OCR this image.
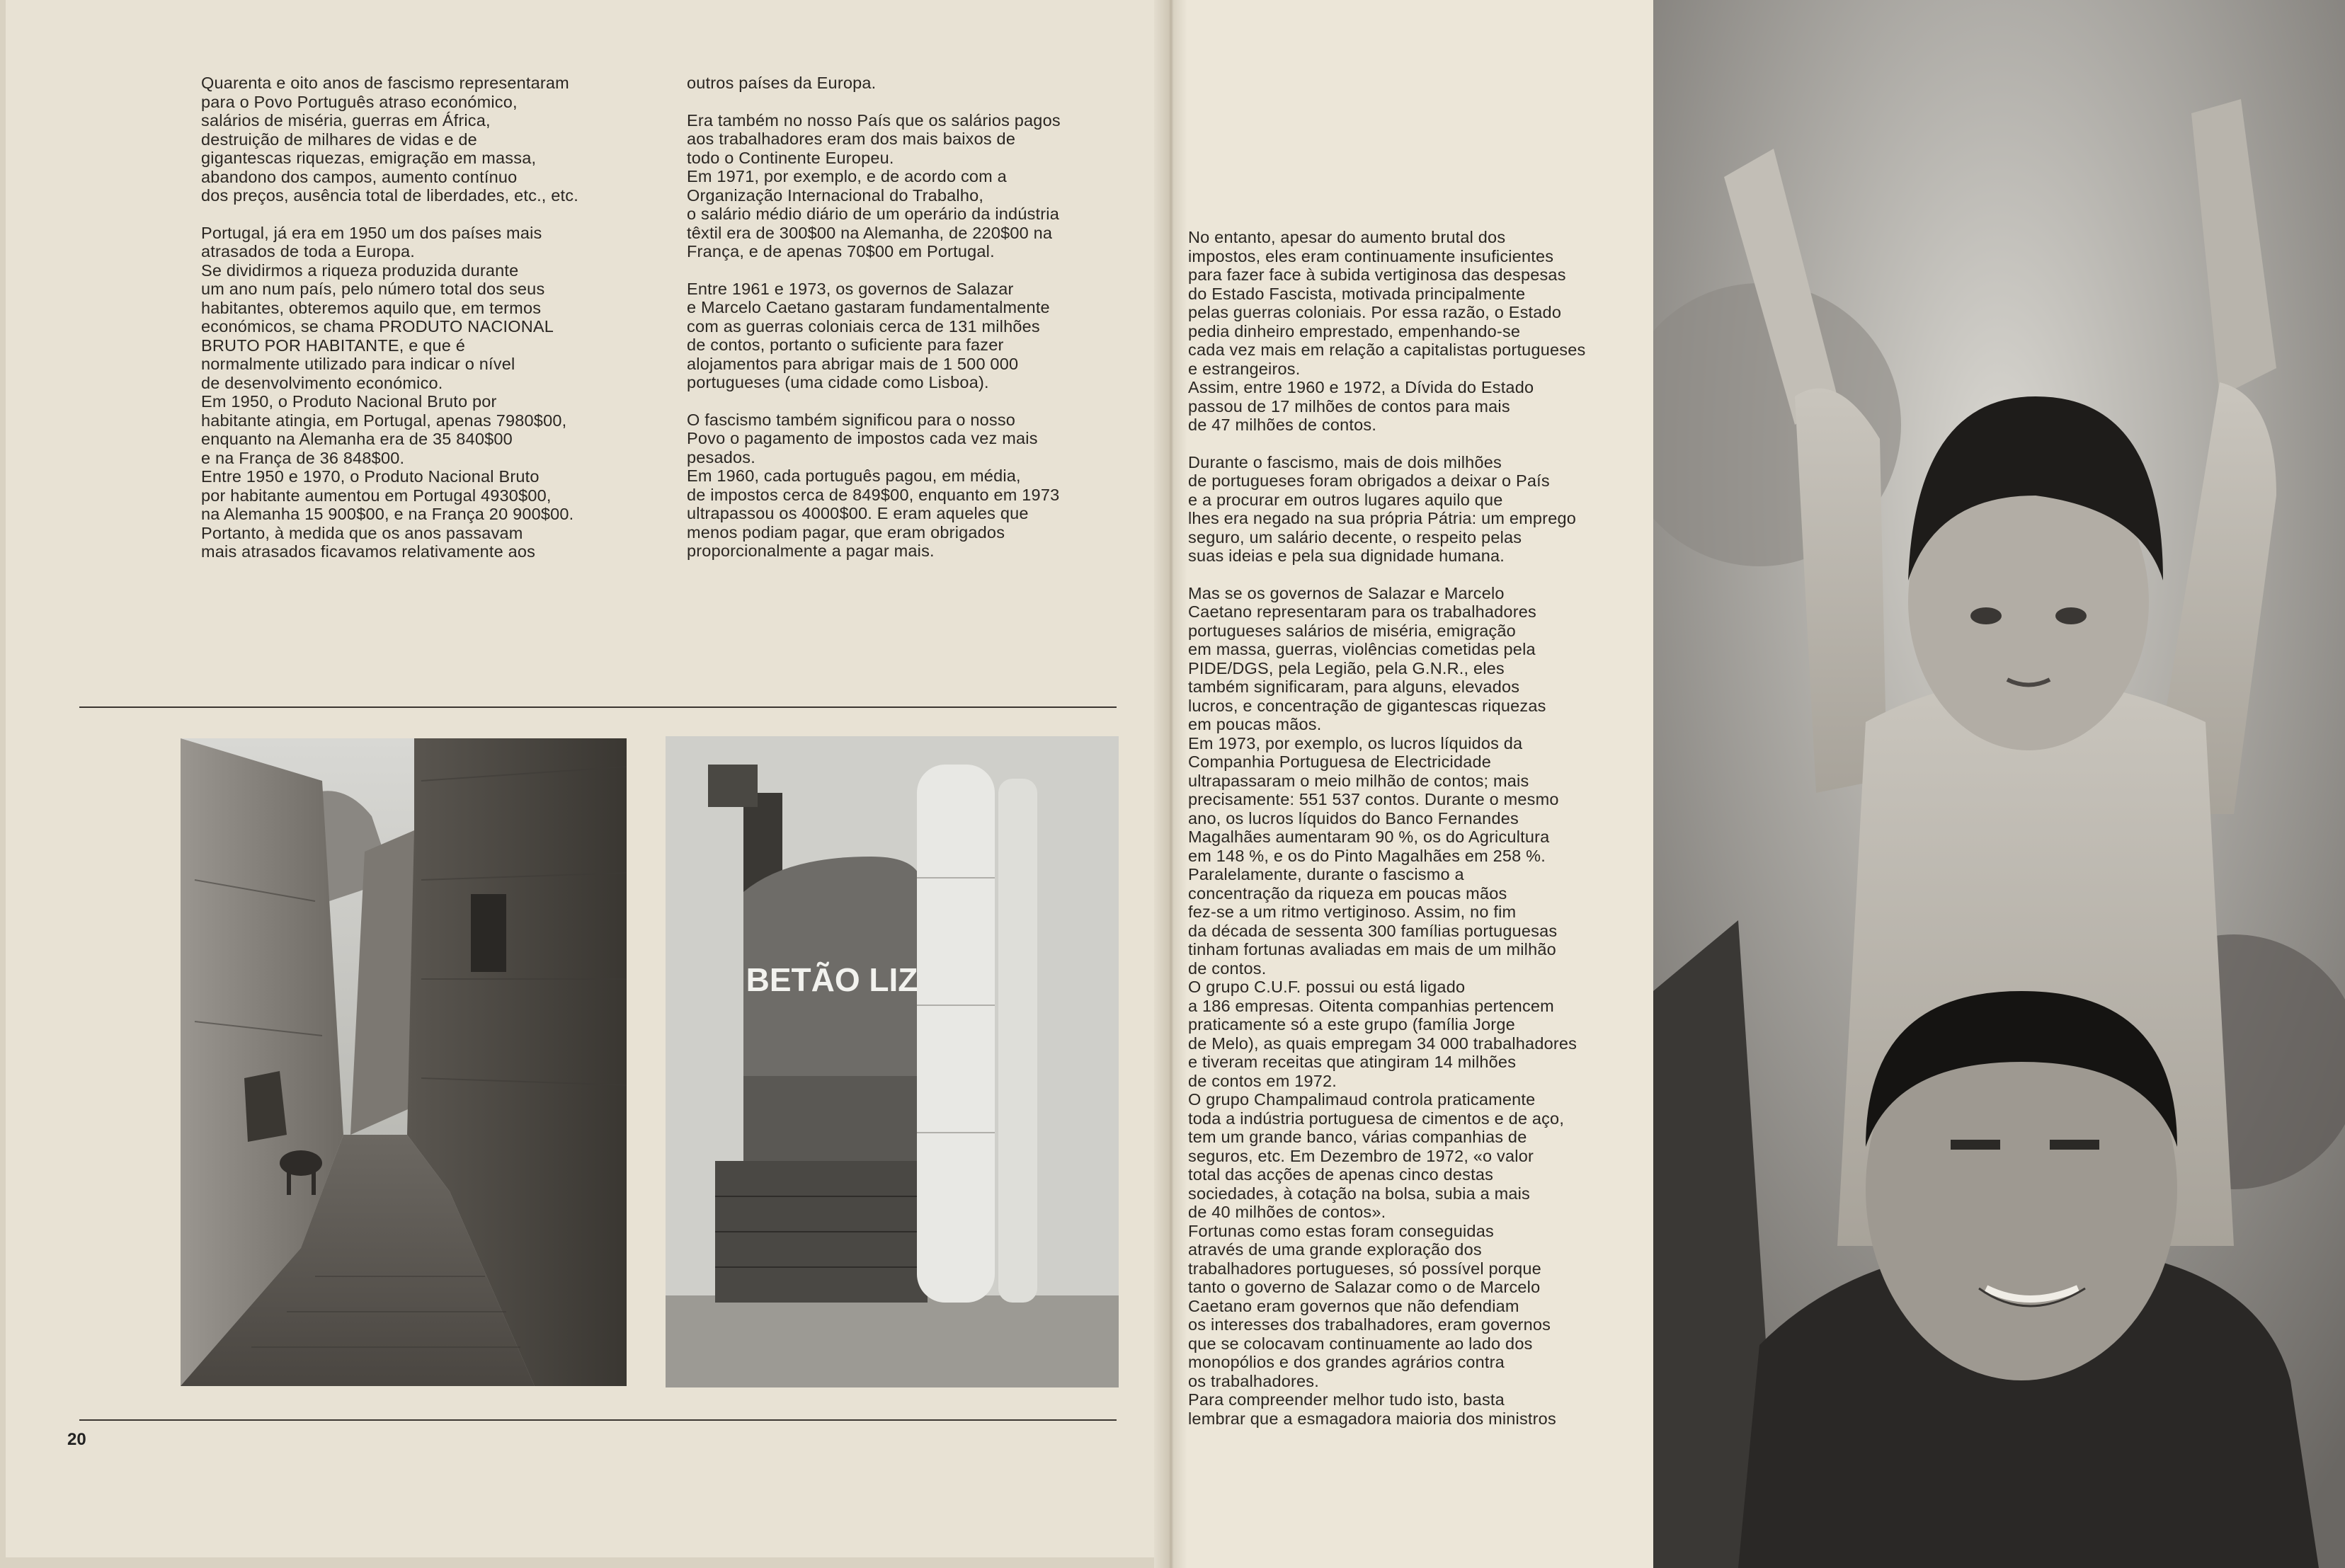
Quarenta e oito anos de fascismo representaram
para o Povo Português atraso económico,
salários de miséria, guerras em África,
destruição de milhares de vidas e de
gigantescas riquezas, emigração em massa,
abandono dos campos, aumento contínuo
dos preços, ausência total de liberdades, etc., etc.

Portugal, já era em 1950 um dos países mais
atrasados de toda a Europa.
Se dividirmos a riqueza produzida durante
um ano num país, pelo número total dos seus
habitantes, obteremos aquilo que, em termos
económicos, se chama PRODUTO NACIONAL
BRUTO POR HABITANTE, e que é
normalmente utilizado para indicar o nível
de desenvolvimento económico.
Em 1950, o Produto Nacional Bruto por
habitante atingia, em Portugal, apenas 7980$00,
enquanto na Alemanha era de 35 840$00
e na França de 36 848$00.
Entre 1950 e 1970, o Produto Nacional Bruto
por habitante aumentou em Portugal 4930$00,
na Alemanha 15 900$00, e na França 20 900$00.
Portanto, à medida que os anos passavam
mais atrasados ficavamos relativamente aos

outros países da Europa.

Era também no nosso País que os salários pagos
aos trabalhadores eram dos mais baixos de
todo o Continente Europeu.
Em 1971, por exemplo, e de acordo com a
Organização Internacional do Trabalho,
o salário médio diário de um operário da indústria
têxtil era de 300$00 na Alemanha, de 220$00 na
França, e de apenas 70$00 em Portugal.

Entre 1961 e 1973, os governos de Salazar
e Marcelo Caetano gastaram fundamentalmente
com as guerras coloniais cerca de 131 milhões
de contos, portanto o suficiente para fazer
alojamentos para abrigar mais de 1 500 000
portugueses (uma cidade como Lisboa).

O fascismo também significou para o nosso
Povo o pagamento de impostos cada vez mais
pesados.
Em 1960, cada português pagou, em média,
de impostos cerca de 849$00, enquanto em 1973
ultrapassou os 4000$00. E eram aqueles que
menos podiam pagar, que eram obrigados
proporcionalmente a pagar mais.

BETÃO LIZ
20

No entanto, apesar do aumento brutal dos
impostos, eles eram continuamente insuficientes
para fazer face à subida vertiginosa das despesas
do Estado Fascista, motivada principalmente
pelas guerras coloniais. Por essa razão, o Estado
pedia dinheiro emprestado, empenhando-se
cada vez mais em relação a capitalistas portugueses
e estrangeiros.
Assim, entre 1960 e 1972, a Dívida do Estado
passou de 17 milhões de contos para mais
de 47 milhões de contos.

Durante o fascismo, mais de dois milhões
de portugueses foram obrigados a deixar o País
e a procurar em outros lugares aquilo que
lhes era negado na sua própria Pátria: um emprego
seguro, um salário decente, o respeito pelas
suas ideias e pela sua dignidade humana.

Mas se os governos de Salazar e Marcelo
Caetano representaram para os trabalhadores
portugueses salários de miséria, emigração
em massa, guerras, violências cometidas pela
PIDE/DGS, pela Legião, pela G.N.R., eles
também significaram, para alguns, elevados
lucros, e concentração de gigantescas riquezas
em poucas mãos.
Em 1973, por exemplo, os lucros líquidos da
Companhia Portuguesa de Electricidade
ultrapassaram o meio milhão de contos; mais
precisamente: 551 537 contos. Durante o mesmo
ano, os lucros líquidos do Banco Fernandes
Magalhães aumentaram 90 %, os do Agricultura
em 148 %, e os do Pinto Magalhães em 258 %.
Paralelamente, durante o fascismo a
concentração da riqueza em poucas mãos
fez-se a um ritmo vertiginoso. Assim, no fim
da década de sessenta 300 famílias portuguesas
tinham fortunas avaliadas em mais de um milhão
de contos.
O grupo C.U.F. possui ou está ligado
a 186 empresas. Oitenta companhias pertencem
praticamente só a este grupo (família Jorge
de Melo), as quais empregam 34 000 trabalhadores
e tiveram receitas que atingiram 14 milhões
de contos em 1972.
O grupo Champalimaud controla praticamente
toda a indústria portuguesa de cimentos e de aço,
tem um grande banco, várias companhias de
seguros, etc. Em Dezembro de 1972, «o valor
total das acções de apenas cinco destas
sociedades, à cotação na bolsa, subia a mais
de 40 milhões de contos».
Fortunas como estas foram conseguidas
através de uma grande exploração dos
trabalhadores portugueses, só possível porque
tanto o governo de Salazar como o de Marcelo
Caetano eram governos que não defendiam
os interesses dos trabalhadores, eram governos
que se colocavam continuamente ao lado dos
monopólios e dos grandes agrários contra
os trabalhadores.
Para compreender melhor tudo isto, basta
lembrar que a esmagadora maioria dos ministros
